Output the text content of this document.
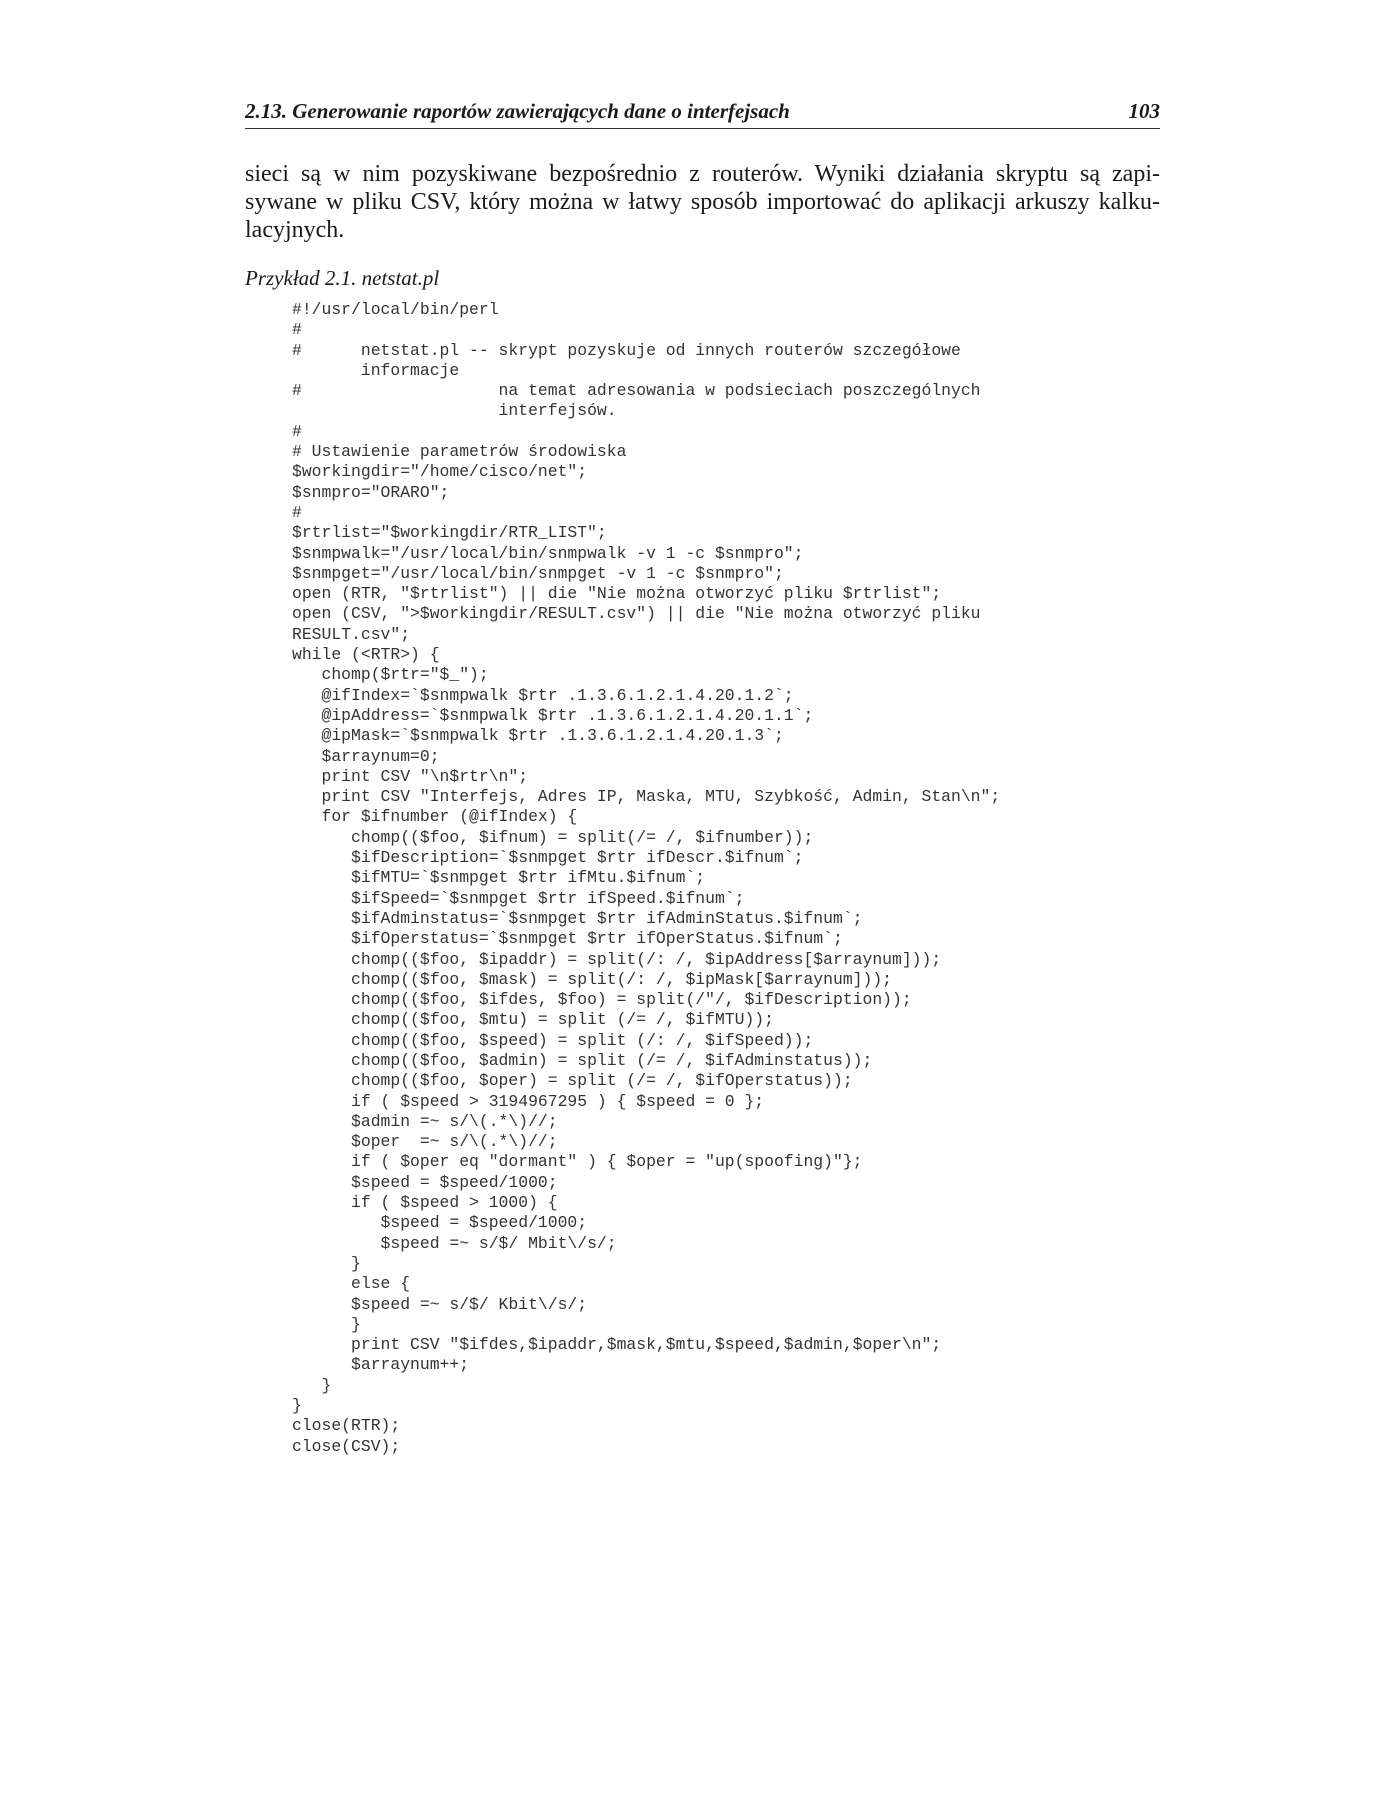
2.13. Generowanie raportów zawierających dane o interfejsach	103

sieci są w nim pozyskiwane bezpośrednio z routerów. Wyniki działania skryptu są zapi-
sywane w pliku CSV, który można w łatwy sposób importować do aplikacji arkuszy kalku-
lacyjnych.

Przykład 2.1. netstat.pl
#!/usr/local/bin/perl
#
#      netstat.pl -- skrypt pozyskuje od innych routerów szczegółowe
informacje
#                    na temat adresowania w podsieciach poszczególnych
interfejsów.
#
# Ustawienie parametrów środowiska
$workingdir="/home/cisco/net";
$snmpro="ORARO";
#
$rtrlist="$workingdir/RTR_LIST";
$snmpwalk="/usr/local/bin/snmpwalk -v 1 -c $snmpro";
$snmpget="/usr/local/bin/snmpget -v 1 -c $snmpro";
open (RTR, "$rtrlist") || die "Nie można otworzyć pliku $rtrlist";
open (CSV, ">$workingdir/RESULT.csv") || die "Nie można otworzyć pliku
RESULT.csv";
while (<RTR>) {
chomp($rtr="$_");
@ifIndex=`$snmpwalk $rtr .1.3.6.1.2.1.4.20.1.2`;
@ipAddress=`$snmpwalk $rtr .1.3.6.1.2.1.4.20.1.1`;
@ipMask=`$snmpwalk $rtr .1.3.6.1.2.1.4.20.1.3`;
$arraynum=0;
print CSV "\n$rtr\n";
print CSV "Interfejs, Adres IP, Maska, MTU, Szybkość, Admin, Stan\n";
for $ifnumber (@ifIndex) {
chomp(($foo, $ifnum) = split(/= /, $ifnumber));
$ifDescription=`$snmpget $rtr ifDescr.$ifnum`;
$ifMTU=`$snmpget $rtr ifMtu.$ifnum`;
$ifSpeed=`$snmpget $rtr ifSpeed.$ifnum`;
$ifAdminstatus=`$snmpget $rtr ifAdminStatus.$ifnum`;
$ifOperstatus=`$snmpget $rtr ifOperStatus.$ifnum`;
chomp(($foo, $ipaddr) = split(/: /, $ipAddress[$arraynum]));
chomp(($foo, $mask) = split(/: /, $ipMask[$arraynum]));
chomp(($foo, $ifdes, $foo) = split(/"/, $ifDescription));
chomp(($foo, $mtu) = split (/= /, $ifMTU));
chomp(($foo, $speed) = split (/: /, $ifSpeed));
chomp(($foo, $admin) = split (/= /, $ifAdminstatus));
chomp(($foo, $oper) = split (/= /, $ifOperstatus));
if ( $speed > 3194967295 ) { $speed = 0 };
$admin =~ s/\(.*\)//;
$oper  =~ s/\(.*\)//;
if ( $oper eq "dormant" ) { $oper = "up(spoofing)"};
$speed = $speed/1000;
if ( $speed > 1000) {
$speed = $speed/1000;
$speed =~ s/$/ Mbit\/s/;
}
else {
$speed =~ s/$/ Kbit\/s/;
}
print CSV "$ifdes,$ipaddr,$mask,$mtu,$speed,$admin,$oper\n";
$arraynum++;
}
}
close(RTR);
close(CSV);
